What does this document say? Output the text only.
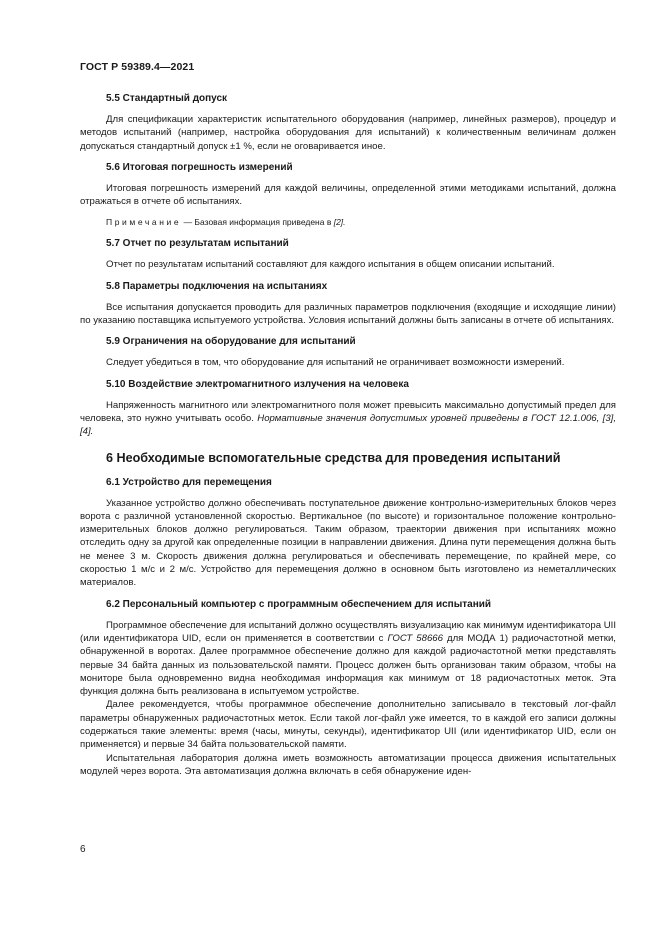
ГОСТ Р 59389.4—2021
5.5 Стандартный допуск
Для спецификации характеристик испытательного оборудования (например, линейных размеров), процедур и методов испытаний (например, настройка оборудования для испытаний) к количественным величинам должен допускаться стандартный допуск ±1 %, если не оговаривается иное.
5.6 Итоговая погрешность измерений
Итоговая погрешность измерений для каждой величины, определенной этими методиками испытаний, должна отражаться в отчете об испытаниях.
Примечание — Базовая информация приведена в [2].
5.7 Отчет по результатам испытаний
Отчет по результатам испытаний составляют для каждого испытания в общем описании испытаний.
5.8 Параметры подключения на испытаниях
Все испытания допускается проводить для различных параметров подключения (входящие и исходящие линии) по указанию поставщика испытуемого устройства. Условия испытаний должны быть записаны в отчете об испытаниях.
5.9 Ограничения на оборудование для испытаний
Следует убедиться в том, что оборудование для испытаний не ограничивает возможности измерений.
5.10 Воздействие электромагнитного излучения на человека
Напряженность магнитного или электромагнитного поля может превысить максимально допустимый предел для человека, это нужно учитывать особо. Нормативные значения допустимых уровней приведены в ГОСТ 12.1.006, [3], [4].
6 Необходимые вспомогательные средства для проведения испытаний
6.1 Устройство для перемещения
Указанное устройство должно обеспечивать поступательное движение контрольно-измерительных блоков через ворота с различной установленной скоростью. Вертикальное (по высоте) и горизонтальное положение контрольно-измерительных блоков должно регулироваться. Таким образом, траектории движения при испытаниях можно отследить одну за другой как определенные позиции в направлении движения. Длина пути перемещения должна быть не менее 3 м. Скорость движения должна регулироваться и обеспечивать перемещение, по крайней мере, со скоростью 1 м/с и 2 м/с. Устройство для перемещения должно в основном быть изготовлено из неметаллических материалов.
6.2 Персональный компьютер с программным обеспечением для испытаний
Программное обеспечение для испытаний должно осуществлять визуализацию как минимум идентификатора UII (или идентификатора UID, если он применяется в соответствии с ГОСТ 58666 для МОДА 1) радиочастотной метки, обнаруженной в воротах. Далее программное обеспечение должно для каждой радиочастотной метки представлять первые 34 байта данных из пользовательской памяти. Процесс должен быть организован таким образом, чтобы на мониторе была одновременно видна необходимая информация как минимум от 18 радиочастотных меток. Эта функция должна быть реализована в испытуемом устройстве.
Далее рекомендуется, чтобы программное обеспечение дополнительно записывало в текстовый лог-файл параметры обнаруженных радиочастотных меток. Если такой лог-файл уже имеется, то в каждой его записи должны содержаться такие элементы: время (часы, минуты, секунды), идентификатор UII (или идентификатор UID, если он применяется) и первые 34 байта пользовательской памяти.
Испытательная лаборатория должна иметь возможность автоматизации процесса движения испытательных модулей через ворота. Эта автоматизация должна включать в себя обнаружение иден-
6
